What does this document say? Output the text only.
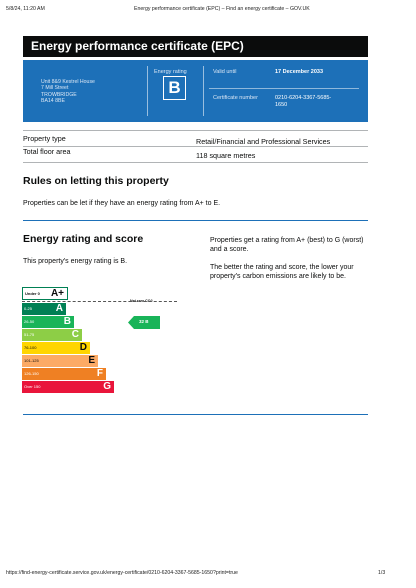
5/8/24, 11:20 AM	Energy performance certificate (EPC) – Find an energy certificate – GOV.UK
Energy performance certificate (EPC)
Unit 8&9 Kestrel House
7 Mill Street
TROWBRIDGE
BA14 8BE
Energy rating
B
Valid until	17 December 2033
Certificate number	0210-6204-3367-5685-1650
Property type	Retail/Financial and Professional Services
Total floor area	118 square metres
Rules on letting this property
Properties can be let if they have an energy rating from A+ to E.
Energy rating and score
This property's energy rating is B.
Properties get a rating from A+ (best) to G (worst) and a score.
The better the rating and score, the lower your property's carbon emissions are likely to be.
Under 0 A+
Net zero CO2
0-25 A
26-50	B
51-75	C
76-100	D
101-125	E
126-150	F
Over 150	G
32 B
https://find-energy-certificate.service.gov.uk/energy-certificate/0210-6204-3367-5685-1650?print=true	1/3
